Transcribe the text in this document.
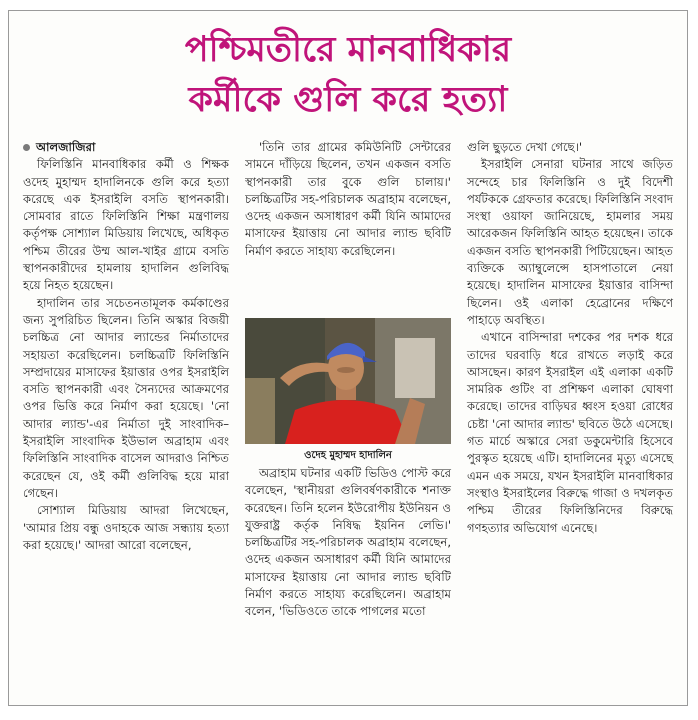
পশ্চিমতীরে মানবাধিকার
কর্মীকে গুলি করে হত্যা
আলজাজিরা

ফিলিস্তিনি মানবাধিকার কর্মী ও শিক্ষক ওদেহ মুহাম্মদ হাদালিনকে গুলি করে হত্যা করেছে এক ইসরাইলি বসতি স্থাপনকারী। সোমবার রাতে ফিলিস্তিনি শিক্ষা মন্ত্রণালয় কর্তৃপক্ষ সোশ্যাল মিডিয়ায় লিখেছে, অধিকৃত পশ্চিম তীরের উম্ম আল-খাইর গ্রামে বসতি স্থাপনকারীদের হামলায় হাদালিন গুলিবিদ্ধ হয়ে নিহত হয়েছেন।

হাদালিন তার সচেতনতামূলক কর্মকাণ্ডের জন্য সুপরিচিত ছিলেন। তিনি অস্কার বিজয়ী চলচ্চিত্র নো আদার ল্যান্ডের নির্মাতাদের সহায়তা করেছিলেন। চলচ্চিত্রটি ফিলিস্তিনি সম্প্রদায়ের মাসাফের ইয়াত্তার ওপর ইসরাইলি বসতি স্থাপনকারী এবং সৈন্যদের আক্রমণের ওপর ভিত্তি করে নির্মাণ করা হয়েছে। 'নো আদার ল্যান্ড'-এর নির্মাতা দুই সাংবাদিক–ইসরাইলি সাংবাদিক ইউভাল অব্রাহাম এবং ফিলিস্তিনি সাংবাদিক বাসেল আদরাও নিশ্চিত করেছেন যে, ওই কর্মী গুলিবিদ্ধ হয়ে মারা গেছেন।

সোশ্যাল মিডিয়ায় আদরা লিখেছেন, 'আমার প্রিয় বন্ধু ওদাহকে আজ সন্ধ্যায় হত্যা করা হয়েছে।' আদরা আরো বলেছেন,

'তিনি তার গ্রামের কমিউনিটি সেন্টারের সামনে দাঁড়িয়ে ছিলেন, তখন একজন বসতি স্থাপনকারী তার বুকে গুলি চালায়।' চলচ্চিত্রটির সহ-পরিচালক অব্রাহাম বলেছেন, ওদেহ একজন অসাধারণ কর্মী যিনি আমাদের মাসাফের ইয়াত্তায় নো আদার ল্যান্ড ছবিটি নির্মাণ করতে সাহায্য করেছিলেন।

ওদেহ মুহাম্মদ হাদালিন

অব্রাহাম ঘটনার একটি ভিডিও পোস্ট করে বলেছেন, 'স্থানীয়রা গুলিবর্ষণকারীকে শনাক্ত করেছেন। তিনি হলেন ইউরোপীয় ইউনিয়ন ও যুক্তরাষ্ট্র কর্তৃক নিষিদ্ধ ইয়নিন লেভি।' চলচ্চিত্রটির সহ-পরিচালক অব্রাহাম বলেছেন, ওদেহ একজন অসাধারণ কর্মী যিনি আমাদের মাসাফের ইয়াত্তায় নো আদার ল্যান্ড ছবিটি নির্মাণ করতে সাহায্য করেছিলেন। অব্রাহাম বলেন, 'ভিডিওতে তাকে পাগলের মতো

গুলি ছুড়তে দেখা গেছে।'

ইসরাইলি সেনারা ঘটনার সাথে জড়িত সন্দেহে চার ফিলিস্তিনি ও দুই বিদেশী পর্যটককে গ্রেফতার করেছে। ফিলিস্তিনি সংবাদ সংস্থা ওয়াফা জানিয়েছে, হামলার সময় আরেকজন ফিলিস্তিনি আহত হয়েছেন। তাকে একজন বসতি স্থাপনকারী পিটিয়েছেন। আহত ব্যক্তিকে অ্যাম্বুলেন্সে হাসপাতালে নেয়া হয়েছে। হাদালিন মাসাফের ইয়াত্তার বাসিন্দা ছিলেন। ওই এলাকা হেব্রোনের দক্ষিণে পাহাড়ে অবস্থিত।

এখানে বাসিন্দারা দশকের পর দশক ধরে তাদের ঘরবাড়ি ধরে রাখতে লড়াই করে আসছেন। কারণ ইসরাইল এই এলাকা একটি সামরিক গুটিং বা প্রশিক্ষণ এলাকা ঘোষণা করেছে। তাদের বাড়িঘর ধ্বংস হওয়া রোধের চেষ্টা 'নো আদার ল্যান্ড' ছবিতে উঠে এসেছে। গত মার্চে অস্কারে সেরা ডকুমেন্টারি হিসেবে পুরস্কৃত হয়েছে এটি। হাদালিনের মৃত্যু এসেছে এমন এক সময়ে, যখন ইসরাইলি মানবাধিকার সংস্থাও ইসরাইলের বিরুদ্ধে গাজা ও দখলকৃত পশ্চিম তীরের ফিলিস্তিনিদের বিরুদ্ধে গণহত্যার অভিযোগ এনেছে।
